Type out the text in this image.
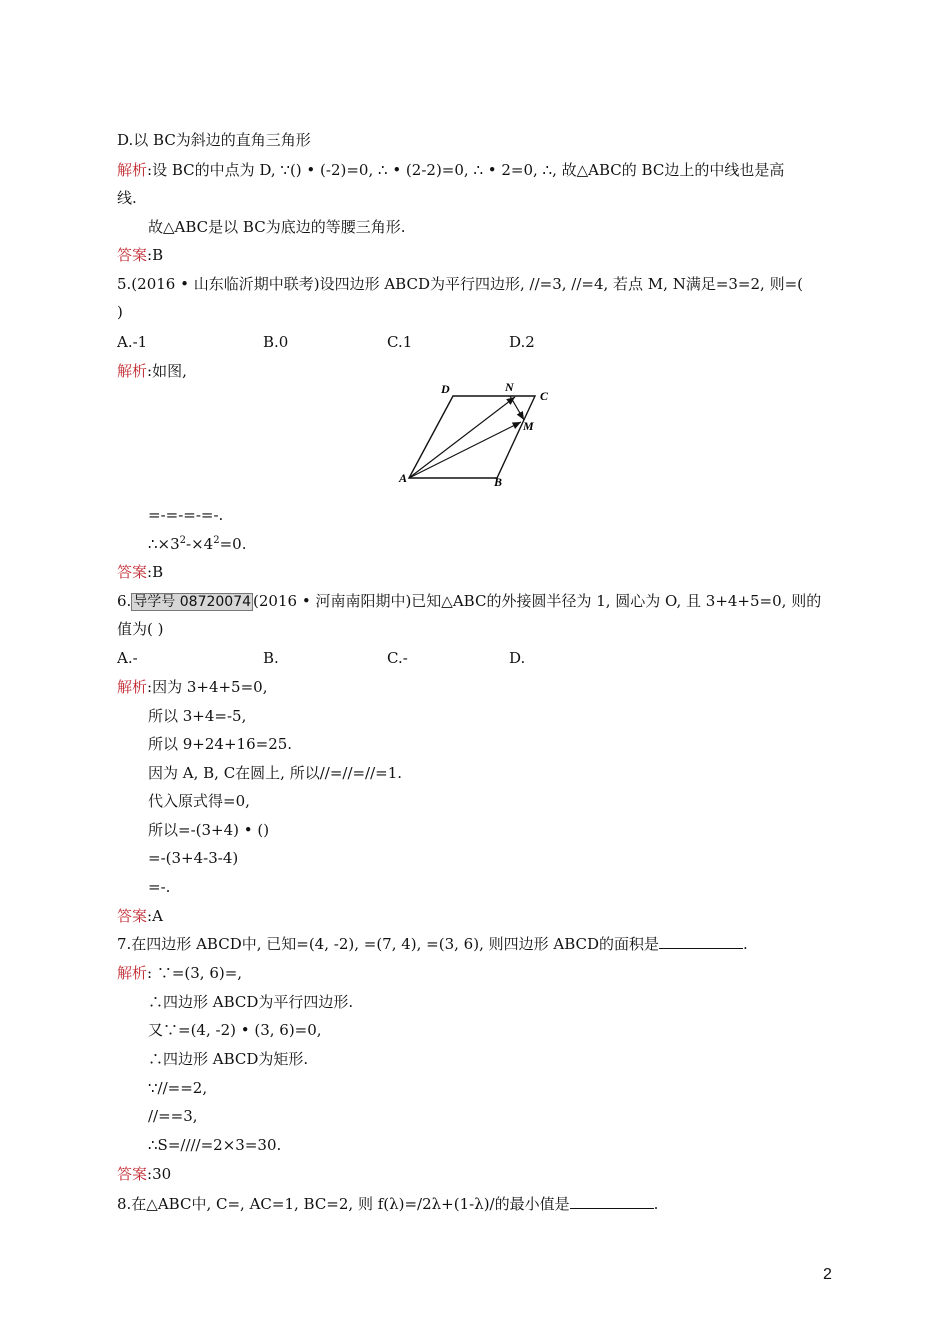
D.以 BC为斜边的直角三角形
解析:设 BC的中点为 D, ∵() • (-2)=0, ∴ • (2-2)=0, ∴ • 2=0, ∴, 故△ABC的 BC边上的中线也是高
线.
故△ABC是以 BC为底边的等腰三角形.
答案:B
5.(2016 • 山东临沂期中联考)设四边形 ABCD为平行四边形, //=3, //=4, 若点 M, N满足=3=2, 则=(
)
A.-1	B.0	C.1	D.2
解析:如图,
D	N
C
M
A	B
=-=-=-=-.
$\therefore\times 3^2-\times 4^2=0$.
答案:B
6. 导学号 08720074 (2016 • 河南南阳期中)已知△ABC的外接圆半径为 1, 圆心为 O, 且 3+4+5=0, 则的
值为( )
A.-	B.	C.-	D.
解析:因为 3+4+5=0,
所以 3+4=-5,
所以 9+24+16=25.
因为 A, B, C在圆上, 所以//=//=//=1.
代入原式得=0,
所以=-(3+4) • ()
=-(3+4-3-4)
=-.
答案:A
7.在四边形 ABCD中, 已知=(4, -2), =(7, 4), =(3, 6), 则四边形 ABCD的面积是	.
解析: ∵=(3, 6)=,
∴四边形 ABCD为平行四边形.
又∵=(4, -2) • (3, 6)=0,
∴四边形 ABCD为矩形.
∵//==2,
//==3,
∴S=////=2×3=30.
答案:30
8.在△ABC中, C=, AC=1, BC=2, 则 f(λ)=/2λ+(1-λ)/的最小值是	.
2
